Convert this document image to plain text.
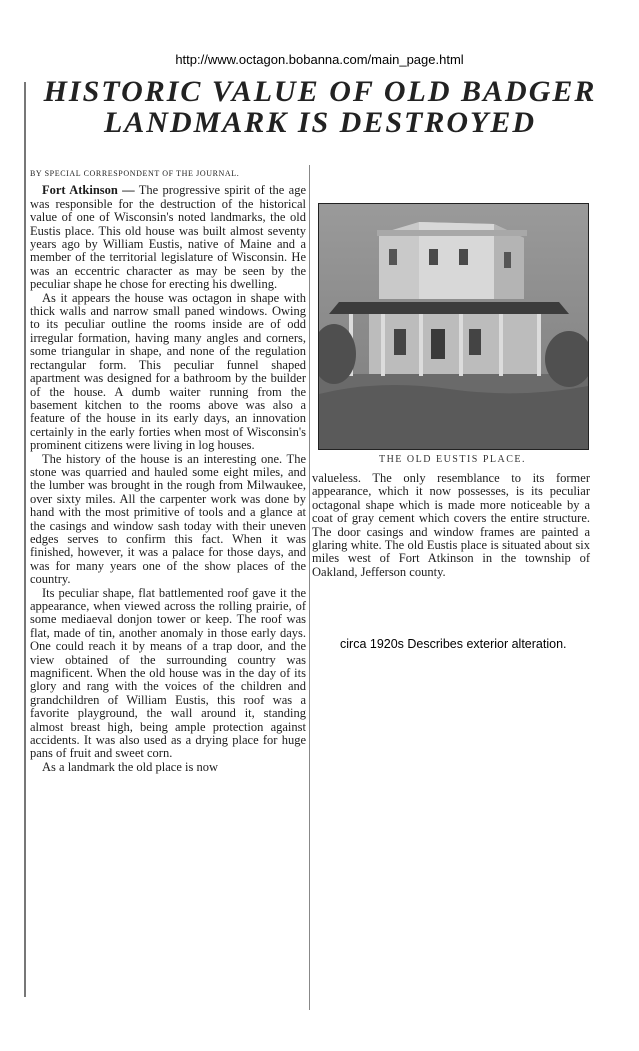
http://www.octagon.bobanna.com/main_page.html
HISTORIC VALUE OF OLD BADGER
LANDMARK IS DESTROYED
BY SPECIAL CORRESPONDENT OF THE JOURNAL.

Fort Atkinson — The progressive spirit of the age was responsible for the destruction of the historical value of one of Wisconsin's noted landmarks, the old Eustis place. This old house was built almost seventy years ago by William Eustis, native of Maine and a member of the territorial legislature of Wisconsin. He was an eccentric character as may be seen by the peculiar shape he chose for erecting his dwelling.

As it appears the house was octagon in shape with thick walls and narrow small paned windows. Owing to its peculiar outline the rooms inside are of odd irregular formation, having many angles and corners, some triangular in shape, and none of the regulation rectangular form. This peculiar funnel shaped apartment was designed for a bathroom by the builder of the house. A dumb waiter running from the basement kitchen to the rooms above was also a feature of the house in its early days, an innovation certainly in the early forties when most of Wisconsin's prominent citizens were living in log houses.

The history of the house is an interesting one. The stone was quarried and hauled some eight miles, and the lumber was brought in the rough from Milwaukee, over sixty miles. All the carpenter work was done by hand with the most primitive of tools and a glance at the casings and window sash today with their uneven edges serves to confirm this fact. When it was finished, however, it was a palace for those days, and was for many years one of the show places of the country.

Its peculiar shape, flat battlemented roof gave it the appearance, when viewed across the rolling prairie, of some mediaeval donjon tower or keep. The roof was flat, made of tin, another anomaly in those early days. One could reach it by means of a trap door, and the view obtained of the surrounding country was magnificent. When the old house was in the day of its glory and rang with the voices of the children and grandchildren of William Eustis, this roof was a favorite playground, the wall around it, standing almost breast high, being ample protection against accidents. It was also used as a drying place for huge pans of fruit and sweet corn.

As a landmark the old place is now

THE OLD EUSTIS PLACE.

valueless. The only resemblance to its former appearance, which it now possesses, is its peculiar octagonal shape which is made more noticeable by a coat of gray cement which covers the entire structure. The door casings and window frames are painted a glaring white. The old Eustis place is situated about six miles west of Fort Atkinson in the township of Oakland, Jefferson county.

circa 1920s Describes exterior alteration.
